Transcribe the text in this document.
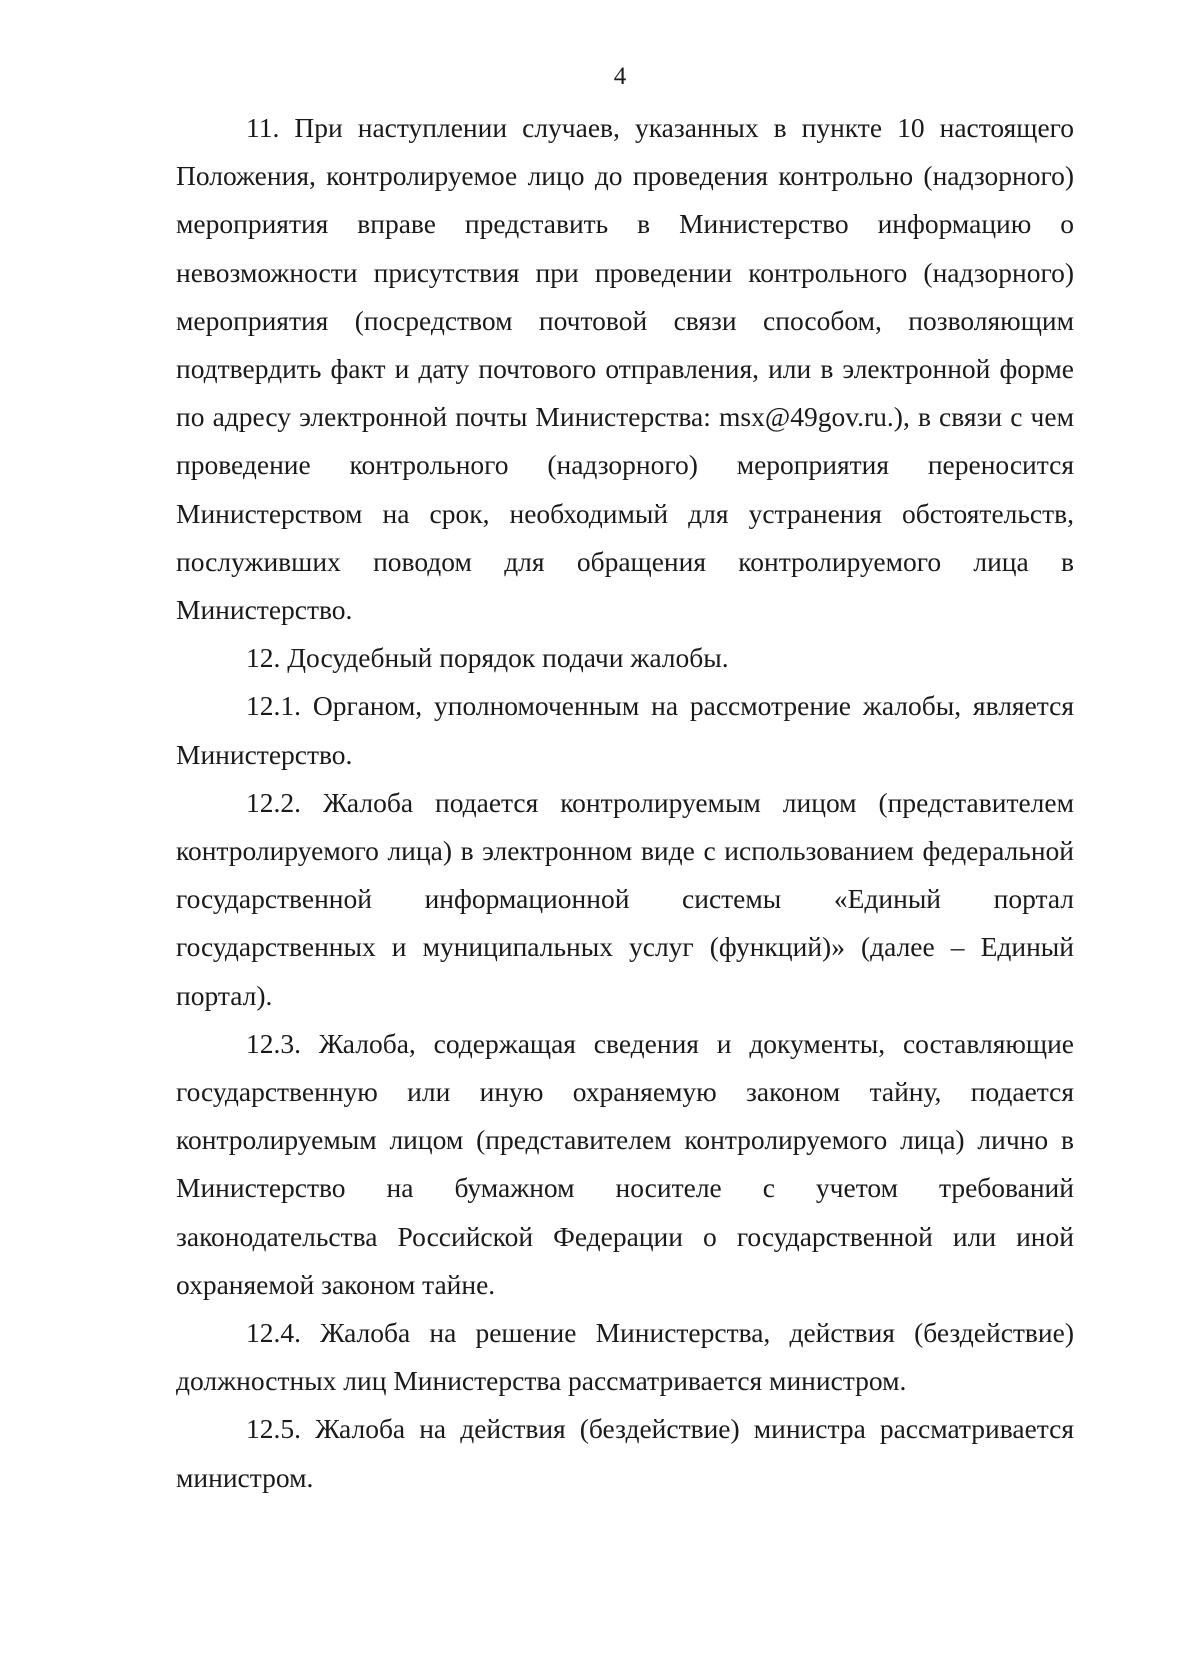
4

11. При наступлении случаев, указанных в пункте 10 настоящего Положения, контролируемое лицо до проведения контрольно (надзорного) мероприятия вправе представить в Министерство информацию о невозможности присутствия при проведении контрольного (надзорного) мероприятия (посредством почтовой связи способом, позволяющим подтвердить факт и дату почтового отправления, или в электронной форме по адресу электронной почты Министерства: msx@49gov.ru.), в связи с чем проведение контрольного (надзорного) мероприятия переносится Министерством на срок, необходимый для устранения обстоятельств, послуживших поводом для обращения контролируемого лица в Министерство.

12. Досудебный порядок подачи жалобы.

12.1. Органом, уполномоченным на рассмотрение жалобы, является Министерство.

12.2. Жалоба подается контролируемым лицом (представителем контролируемого лица) в электронном виде с использованием федеральной государственной информационной системы «Единый портал государственных и муниципальных услуг (функций)» (далее – Единый портал).

12.3. Жалоба, содержащая сведения и документы, составляющие государственную или иную охраняемую законом тайну, подается контролируемым лицом (представителем контролируемого лица) лично в Министерство на бумажном носителе с учетом требований законодательства Российской Федерации о государственной или иной охраняемой законом тайне.

12.4. Жалоба на решение Министерства, действия (бездействие) должностных лиц Министерства рассматривается министром.

12.5. Жалоба на действия (бездействие) министра рассматривается министром.
